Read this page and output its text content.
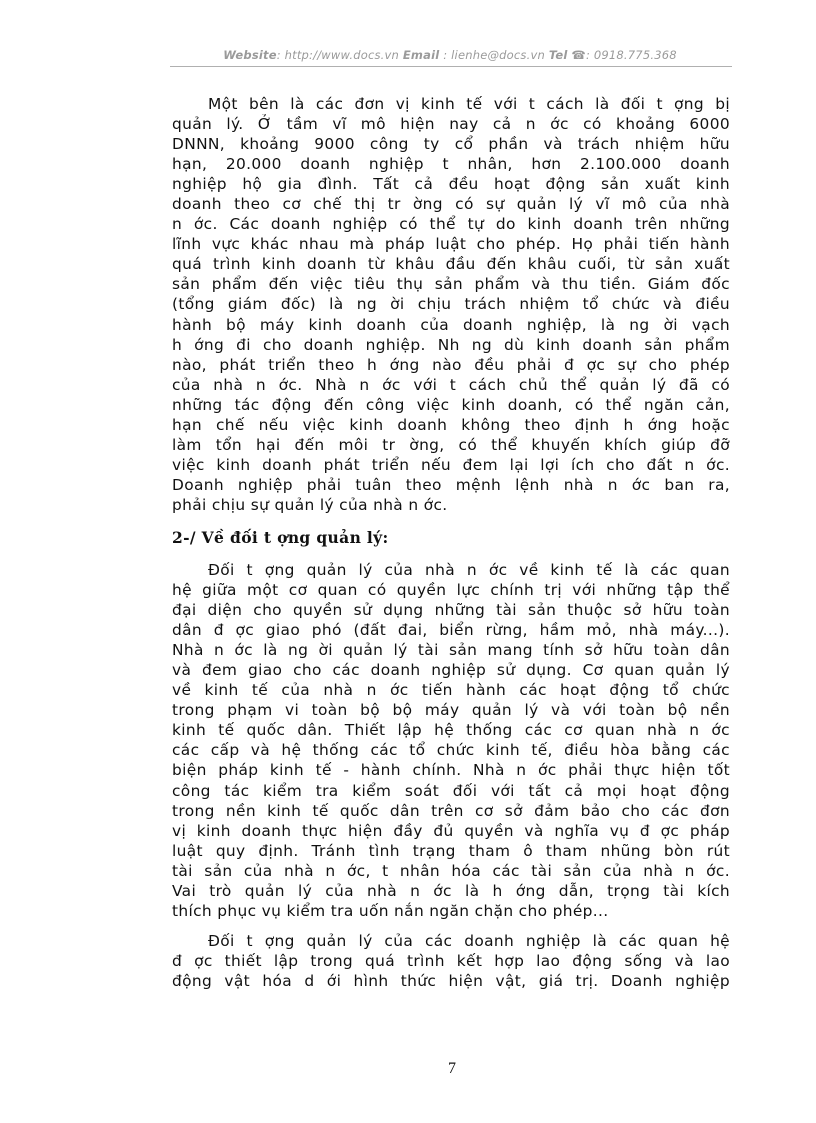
Website: http://www.docs.vn Email : lienhe@docs.vn Tel ☎: 0918.775.368
Một bên là các đơn vị kinh tế với t cách là đối t ợng bị
quản lý. Ở tầm vĩ mô hiện nay cả n ớc có khoảng 6000
DNNN, khoảng 9000 công ty cổ phần và trách nhiệm hữu
hạn, 20.000 doanh nghiệp t nhân, hơn 2.100.000 doanh
nghiệp hộ gia đình. Tất cả đều hoạt động sản xuất kinh
doanh theo cơ chế thị tr ờng có sự quản lý vĩ mô của nhà
n ớc. Các doanh nghiệp có thể tự do kinh doanh trên những
lĩnh vực khác nhau mà pháp luật cho phép. Họ phải tiến hành
quá trình kinh doanh từ khâu đầu đến khâu cuối, từ sản xuất
sản phẩm đến việc tiêu thụ sản phẩm và thu tiền. Giám đốc
(tổng giám đốc) là ng ời chịu trách nhiệm tổ chức và điều
hành bộ máy kinh doanh của doanh nghiệp, là ng ời vạch
h ớng đi cho doanh nghiệp. Nh ng dù kinh doanh sản phẩm
nào, phát triển theo h ớng nào đều phải đ ợc sự cho phép
của nhà n ớc. Nhà n ớc với t cách chủ thể quản lý đã có
những tác động đến công việc kinh doanh, có thể ngăn cản,
hạn chế nếu việc kinh doanh không theo định h ớng hoặc
làm tổn hại đến môi tr ờng, có thể khuyến khích giúp đỡ
việc kinh doanh phát triển nếu đem lại lợi ích cho đất n ớc.
Doanh nghiệp phải tuân theo mệnh lệnh nhà n ớc ban ra,
phải chịu sự quản lý của nhà n ớc.
2-/ Về đối t ợng quản lý:
Đối t ợng quản lý của nhà n ớc về kinh tế là các quan
hệ giữa một cơ quan có quyền lực chính trị với những tập thể
đại diện cho quyền sử dụng những tài sản thuộc sở hữu toàn
dân đ ợc giao phó (đất đai, biển rừng, hầm mỏ, nhà máy...).
Nhà n ớc là ng ời quản lý tài sản mang tính sở hữu toàn dân
và đem giao cho các doanh nghiệp sử dụng. Cơ quan quản lý
về kinh tế của nhà n ớc tiến hành các hoạt động tổ chức
trong phạm vi toàn bộ bộ máy quản lý và với toàn bộ nền
kinh tế quốc dân. Thiết lập hệ thống các cơ quan nhà n ớc
các cấp và hệ thống các tổ chức kinh tế, điều hòa bằng các
biện pháp kinh tế - hành chính. Nhà n ớc phải thực hiện tốt
công tác kiểm tra kiểm soát đối với tất cả mọi hoạt động
trong nền kinh tế quốc dân trên cơ sở đảm bảo cho các đơn
vị kinh doanh thực hiện đầy đủ quyền và nghĩa vụ đ ợc pháp
luật quy định. Tránh tình trạng tham ô tham nhũng bòn rút
tài sản của nhà n ớc, t nhân hóa các tài sản của nhà n ớc.
Vai trò quản lý của nhà n ớc là h ớng dẫn, trọng tài kích
thích phục vụ kiểm tra uốn nắn ngăn chặn cho phép...
Đối t ợng quản lý của các doanh nghiệp là các quan hệ
đ ợc thiết lập trong quá trình kết hợp lao động sống và lao
động vật hóa d ới hình thức hiện vật, giá trị. Doanh nghiệp
7
